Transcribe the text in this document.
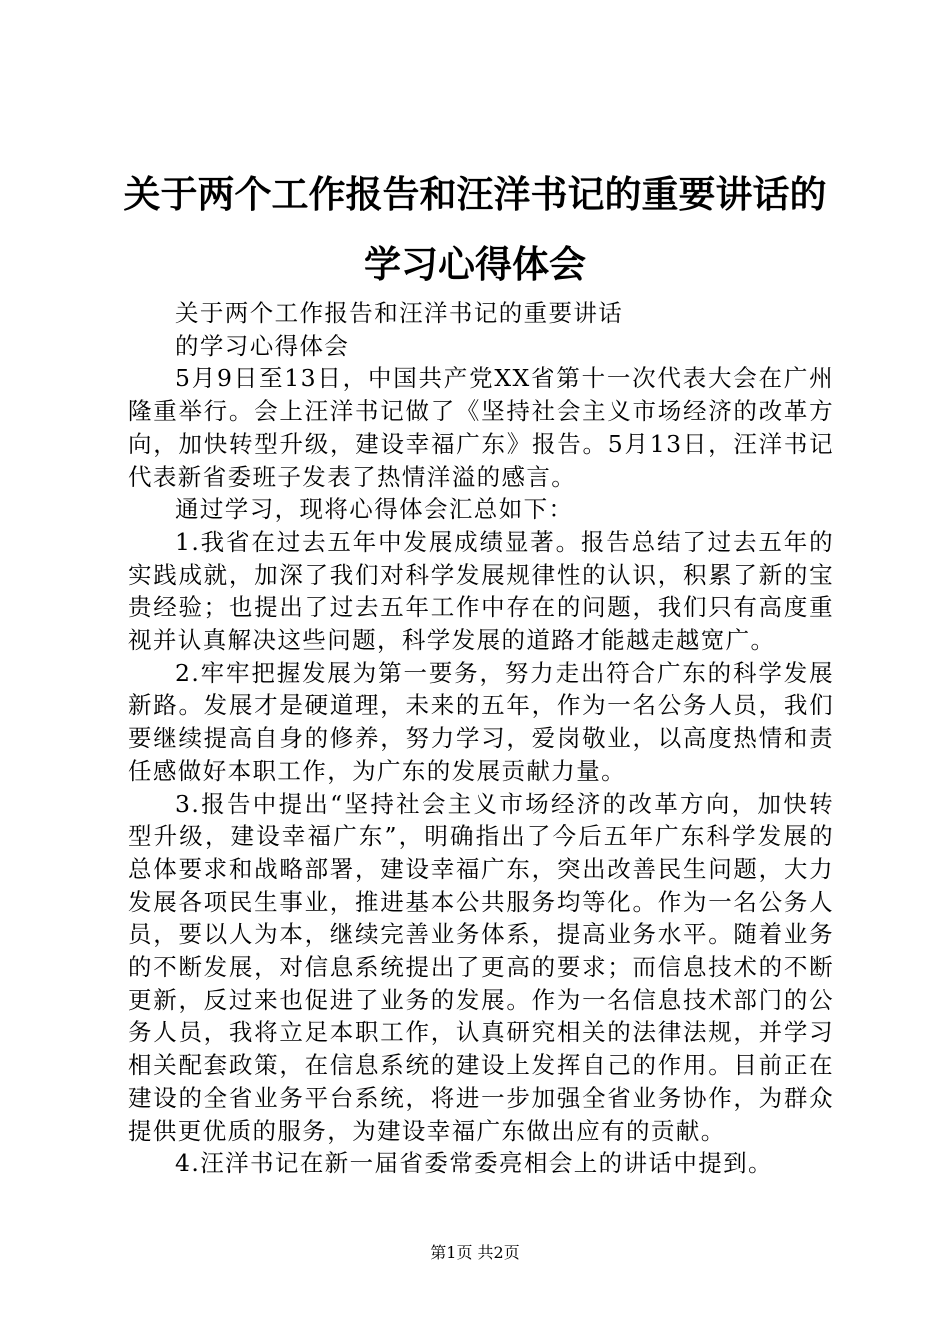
关于两个工作报告和汪洋书记的重要讲话的学习心得体会

关于两个工作报告和汪洋书记的重要讲话

的学习心得体会

5月9日至13日，中国共产党XX省第十一次代表大会在广州隆重举行。会上汪洋书记做了《坚持社会主义市场经济的改革方向，加快转型升级，建设幸福广东》报告。5月13日，汪洋书记代表新省委班子发表了热情洋溢的感言。

通过学习，现将心得体会汇总如下：

1.我省在过去五年中发展成绩显著。报告总结了过去五年的实践成就，加深了我们对科学发展规律性的认识，积累了新的宝贵经验；也提出了过去五年工作中存在的问题，我们只有高度重视并认真解决这些问题，科学发展的道路才能越走越宽广。

2.牢牢把握发展为第一要务，努力走出符合广东的科学发展新路。发展才是硬道理，未来的五年，作为一名公务人员，我们要继续提高自身的修养，努力学习，爱岗敬业，以高度热情和责任感做好本职工作，为广东的发展贡献力量。

3.报告中提出“坚持社会主义市场经济的改革方向，加快转型升级，建设幸福广东”，明确指出了今后五年广东科学发展的总体要求和战略部署，建设幸福广东，突出改善民生问题，大力发展各项民生事业，推进基本公共服务均等化。作为一名公务人员，要以人为本，继续完善业务体系，提高业务水平。随着业务的不断发展，对信息系统提出了更高的要求；而信息技术的不断更新，反过来也促进了业务的发展。作为一名信息技术部门的公务人员，我将立足本职工作，认真研究相关的法律法规，并学习相关配套政策，在信息系统的建设上发挥自己的作用。目前正在建设的全省业务平台系统，将进一步加强全省业务协作，为群众提供更优质的服务，为建设幸福广东做出应有的贡献。

4.汪洋书记在新一届省委常委亮相会上的讲话中提到。

第1页 共2页
